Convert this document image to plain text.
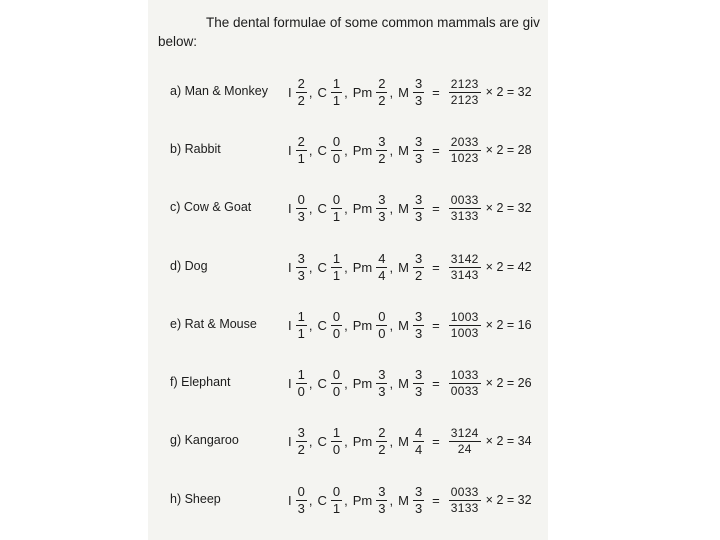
The dental formulae of some common mammals are giv

below:

a) Man & Monkey I $\frac{2}{2}$ , C $\frac{1}{1}$ , Pm $\frac{2}{2}$ , M $\frac{3}{3} = \frac{2123}{2123} \times 2 = 32$
b) Rabbit	I $\frac{2}{1}$ , C $\frac{0}{0}$ , Pm $\frac{3}{2}$ , M $\frac{3}{3} = \frac{2033}{1023} \times 2 = 28$
c) Cow & Goat	I $\frac{0}{3}$ , C $\frac{0}{1}$ , Pm $\frac{3}{3}$ , M $\frac{3}{3} = \frac{0033}{3133} \times 2 = 32$
d) Dog	I $\frac{3}{3}$ , C $\frac{1}{1}$ , Pm $\frac{4}{4}$ , M $\frac{3}{2} = \frac{3142}{3143} \times 2 = 42$
e) Rat & Mouse I $\frac{1}{1}$ , C $\frac{0}{0}$ , Pm $\frac{0}{0}$ , M $\frac{3}{3} = \frac{1003}{1003} \times 2 = 16$
f) Elephant	I $\frac{1}{0}$ , C $\frac{0}{0}$ , Pm $\frac{3}{3}$ , M $\frac{3}{3} = \frac{1033}{0033} \times 2 = 26$
g) Kangaroo	I $\frac{3}{2}$ , C $\frac{1}{0}$ , Pm $\frac{2}{2}$ , M $\frac{4}{4} = \frac{3124}{24} \times 2 = 34$
h) Sheep	I $\frac{0}{3}$ , C $\frac{0}{1}$ , Pm $\frac{3}{3}$ , M $\frac{3}{3} = \frac{0033}{3133} \times 2 = 32$
